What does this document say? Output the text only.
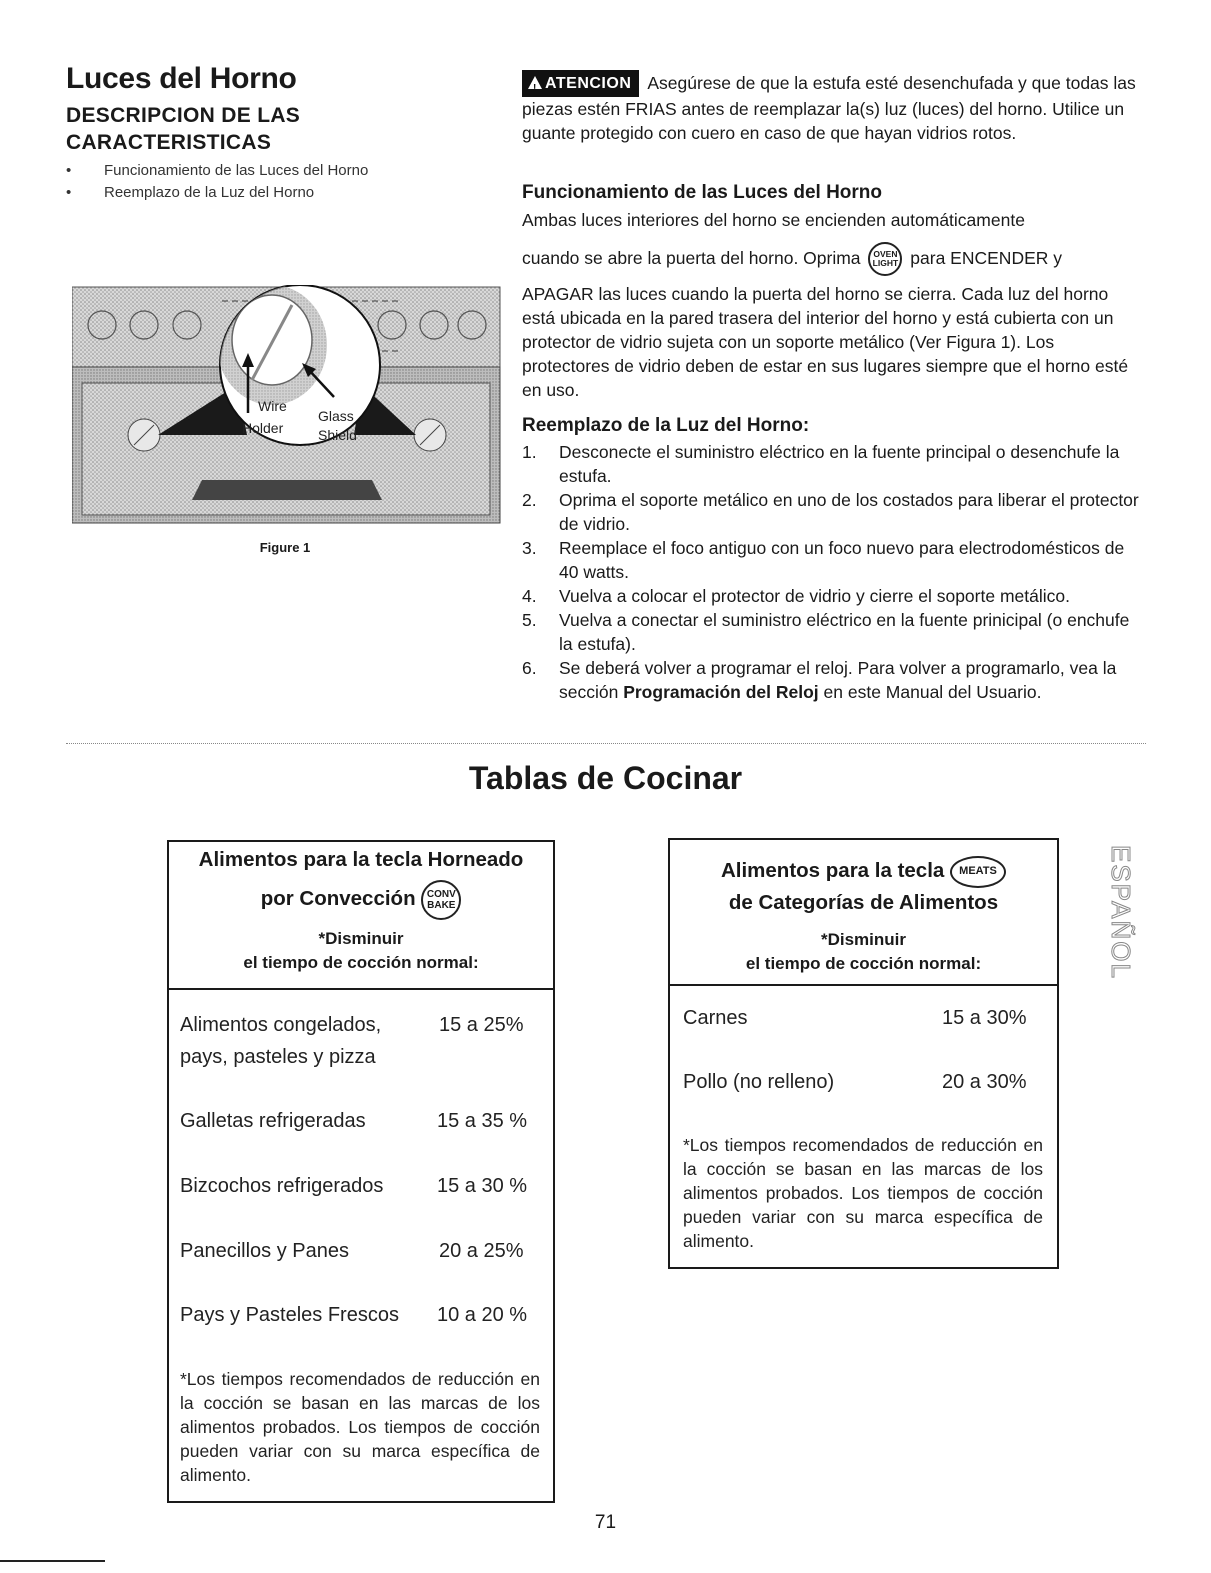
Luces del Horno
DESCRIPCION DE LAS CARACTERISTICAS
• Funcionamiento de las Luces del Horno
• Reemplazo de la Luz del Horno
Wire
Holder
Glass
Shield
Figure 1
!ATENCION Asegúrese de que la estufa esté desenchufada y que todas las piezas estén FRIAS antes de reemplazar la(s) luz (luces) del horno. Utilice un guante protegido con cuero en caso de que hayan vidrios rotos.
Funcionamiento de las Luces del Horno
Ambas luces interiores del horno se encienden automáticamente
cuando se abre la puerta del horno. Oprima OVEN
LIGHT para ENCENDER y
APAGAR las luces cuando la puerta del horno se cierra. Cada luz del horno está ubicada en la pared trasera del interior del horno y está cubierta con un protector de vidrio sujeta con un soporte metálico (Ver Figura 1). Los protectores de vidrio deben de estar en sus lugares siempre que el horno esté en uso.
Reemplazo de la Luz del Horno:
1. Desconecte el suministro eléctrico en la fuente principal o desenchufe la estufa.
2. Oprima el soporte metálico en uno de los costados para liberar el protector de vidrio.
3. Reemplace el foco antiguo con un foco nuevo para electrodomésticos de 40 watts.
4. Vuelva a colocar el protector de vidrio y cierre el soporte metálico.
5. Vuelva a conectar el suministro eléctrico en la fuente prinicipal (o enchufe la estufa).
6. Se deberá volver a programar el reloj. Para volver a programarlo, vea la sección Programación del Reloj en este Manual del Usuario.
Tablas de Cocinar
Alimentos para la tecla Horneado
por Convección CONV
BAKE
*Disminuir
el tiempo de cocción normal:
Alimentos congelados,
pays, pasteles y pizza
15 a 25%
Galletas refrigeradas	15 a 35 %
Bizcochos refrigerados	15 a 30 %
Panecillos y Panes	20 a 25%
Pays y Pasteles Frescos 10 a 20 %
*Los tiempos recomendados de reducción en la cocción se basan en las marcas de los alimentos probados. Los tiempos de cocción pueden variar con su marca específica de alimento.
Alimentos para la tecla MEATS
de Categorías de Alimentos
*Disminuir
el tiempo de cocción normal:
Carnes	15 a 30%
Pollo (no relleno)	20 a 30%
*Los tiempos recomendados de reducción en la cocción se basan en las marcas de los alimentos probados. Los tiempos de cocción pueden variar con su marca específica de alimento.
ESPAÑOL
71
